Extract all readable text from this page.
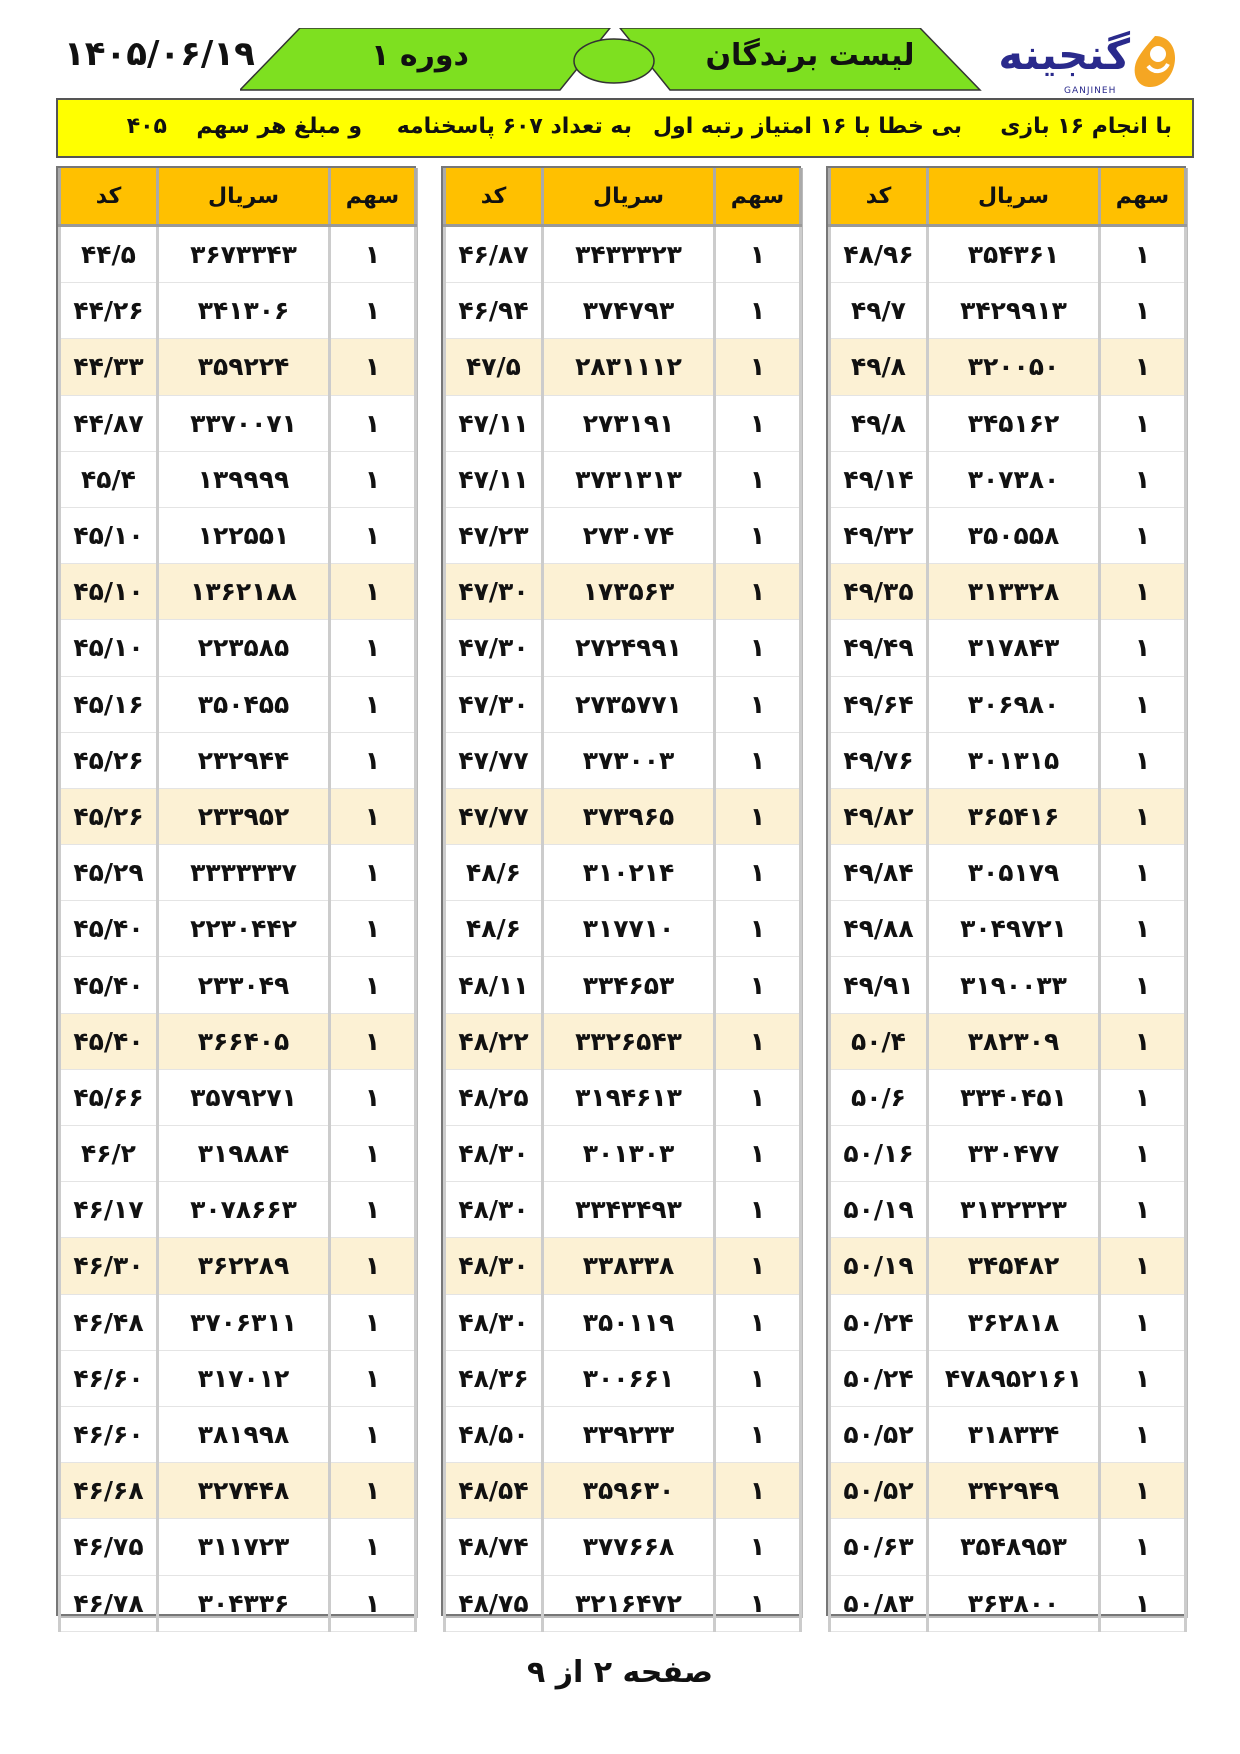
۱۴۰۵/۰۶/۱۹	لیست برندگان
دوره ۱	گنجینه
GANJINEH
با انجام ۱۶ بازی
بی خطا با ۱۶ امتیاز رتبه اول
به تعداد ۶۰۷ پاسخنامه
و مبلغ هر سهم
۴۰۵
سهم	سریال	کد
۱	۳۵۴۳۶۱	۴۸/۹۶
۱	۳۴۲۹۹۱۳	۴۹/۷
۱	۳۲۰۰۵۰	۴۹/۸
۱	۳۴۵۱۶۲	۴۹/۸
۱	۳۰۷۳۸۰	۴۹/۱۴
۱	۳۵۰۵۵۸	۴۹/۳۲
۱	۳۱۳۳۲۸	۴۹/۳۵
۱	۳۱۷۸۴۳	۴۹/۴۹
۱	۳۰۶۹۸۰	۴۹/۶۴
۱	۳۰۱۳۱۵	۴۹/۷۶
۱	۳۶۵۴۱۶	۴۹/۸۲
۱	۳۰۵۱۷۹	۴۹/۸۴
۱	۳۰۴۹۷۲۱	۴۹/۸۸
۱	۳۱۹۰۰۳۳	۴۹/۹۱
۱	۳۸۲۳۰۹	۵۰/۴
۱	۳۳۴۰۴۵۱	۵۰/۶
۱	۳۳۰۴۷۷	۵۰/۱۶
۱	۳۱۳۲۳۲۳	۵۰/۱۹
۱	۳۴۵۴۸۲	۵۰/۱۹
۱	۳۶۲۸۱۸	۵۰/۲۴
۱	۴۷۸۹۵۲۱۶۱	۵۰/۲۴
۱	۳۱۸۳۳۴	۵۰/۵۲
۱	۳۴۲۹۴۹	۵۰/۵۲
۱	۳۵۴۸۹۵۳	۵۰/۶۳
۱	۳۶۳۸۰۰	۵۰/۸۳
سهم	سریال	کد
۱	۳۴۳۳۳۲۳	۴۶/۸۷
۱	۳۷۴۷۹۳	۴۶/۹۴
۱	۲۸۳۱۱۱۲	۴۷/۵
۱	۲۷۳۱۹۱	۴۷/۱۱
۱	۳۷۳۱۳۱۳	۴۷/۱۱
۱	۲۷۳۰۷۴	۴۷/۲۳
۱	۱۷۳۵۶۳	۴۷/۳۰
۱	۲۷۲۴۹۹۱	۴۷/۳۰
۱	۲۷۳۵۷۷۱	۴۷/۳۰
۱	۳۷۳۰۰۳	۴۷/۷۷
۱	۳۷۳۹۶۵	۴۷/۷۷
۱	۳۱۰۲۱۴	۴۸/۶
۱	۳۱۷۷۱۰	۴۸/۶
۱	۳۳۴۶۵۳	۴۸/۱۱
۱	۳۳۲۶۵۴۳	۴۸/۲۲
۱	۳۱۹۴۶۱۳	۴۸/۲۵
۱	۳۰۱۳۰۳	۴۸/۳۰
۱	۳۳۴۳۴۹۳	۴۸/۳۰
۱	۳۳۸۳۳۸	۴۸/۳۰
۱	۳۵۰۱۱۹	۴۸/۳۰
۱	۳۰۰۶۶۱	۴۸/۳۶
۱	۳۳۹۲۳۳	۴۸/۵۰
۱	۳۵۹۶۳۰	۴۸/۵۴
۱	۳۷۷۶۶۸	۴۸/۷۴
۱	۳۲۱۶۴۷۲	۴۸/۷۵
سهم	سریال	کد
۱	۳۶۷۳۳۴۳	۴۴/۵
۱	۳۴۱۳۰۶	۴۴/۲۶
۱	۳۵۹۲۲۴	۴۴/۳۳
۱	۳۳۷۰۰۷۱	۴۴/۸۷
۱	۱۳۹۹۹۹	۴۵/۴
۱	۱۲۲۵۵۱	۴۵/۱۰
۱	۱۳۶۲۱۸۸	۴۵/۱۰
۱	۲۲۳۵۸۵	۴۵/۱۰
۱	۳۵۰۴۵۵	۴۵/۱۶
۱	۲۳۲۹۴۴	۴۵/۲۶
۱	۲۳۳۹۵۲	۴۵/۲۶
۱	۳۳۳۳۳۳۷	۴۵/۲۹
۱	۲۲۳۰۴۴۲	۴۵/۴۰
۱	۲۳۳۰۴۹	۴۵/۴۰
۱	۳۶۶۴۰۵	۴۵/۴۰
۱	۳۵۷۹۲۷۱	۴۵/۶۶
۱	۳۱۹۸۸۴	۴۶/۲
۱	۳۰۷۸۶۶۳	۴۶/۱۷
۱	۳۶۲۲۸۹	۴۶/۳۰
۱	۳۷۰۶۳۱۱	۴۶/۴۸
۱	۳۱۷۰۱۲	۴۶/۶۰
۱	۳۸۱۹۹۸	۴۶/۶۰
۱	۳۲۷۴۴۸	۴۶/۶۸
۱	۳۱۱۷۲۳	۴۶/۷۵
۱	۳۰۴۳۳۶	۴۶/۷۸
صفحه ۲ از ۹
